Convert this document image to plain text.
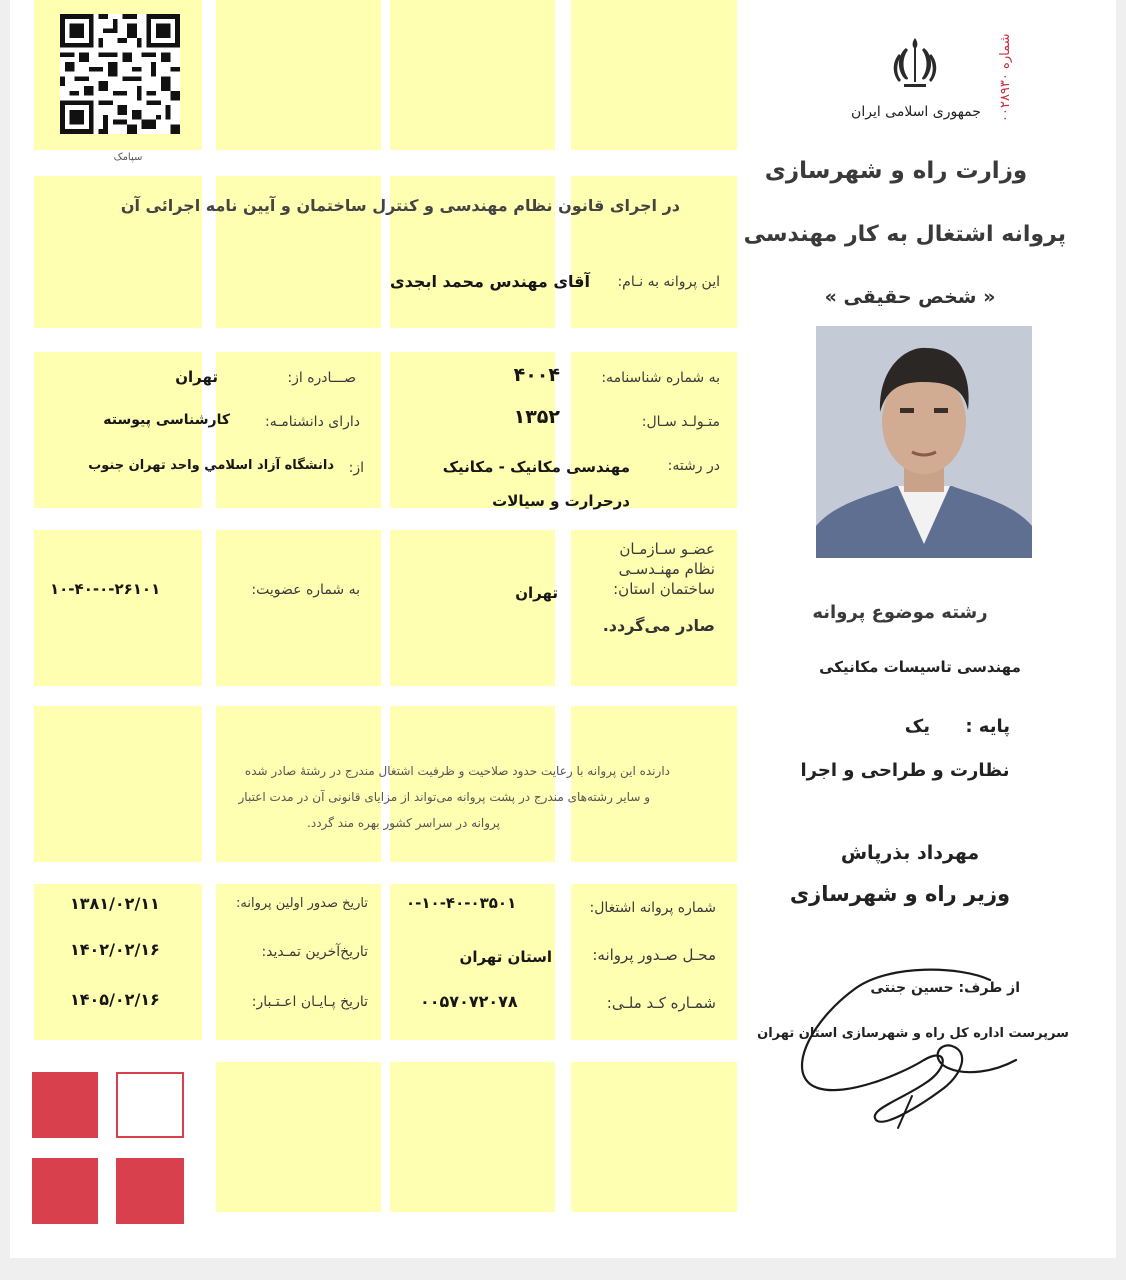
سپامک
جمهوری اسلامی ایران	شماره ۰۰۲۸۹۳۰
وزارت راه و شهرسازی
پروانه اشتغال به کار مهندسی
« شخص حقیقی »
در اجرای قانون نظام مهندسی و کنترل ساختمان و آیین نامه اجرائی آن
این پروانه به نـام:
آقای مهندس محمد ابجدی
به شماره شناسنامه:
۴۰۰۴
صـــادره از:
تهران
متـولـد سـال:
۱۳۵۲
دارای دانشنامـه:
کارشناسی پیوسته
در رشته:
مهندسی مکانیک - مکانیک
درحرارت و سیالات
از:
دانشگاه آزاد اسلامي واحد تهران جنوب
عضـو سـازمـان
نظام مهنـدسـی
ساختمان استان:
تهران
صادر می‌گردد.
به شماره عضویت:
۱۰-۴۰-۰-۲۶۱۰۱
دارنده این پروانه با رعایت حدود صلاحیت و ظرفیت اشتغال مندرج در رشتهٔ صادر شده
و سایر رشته‌های مندرج در پشت پروانه می‌تواند از مزایای قانونی آن در مدت اعتبار
پروانه در سراسر کشور بهره مند گردد.
شماره پروانه اشتغال:
۰-۱۰-۴۰-۰۳۵۰۱
تاریخ صدور اولین پروانه:
۱۳۸۱/۰۲/۱۱
محـل صـدور پروانه:
استان تهران
تاریخ‌آخرین تمـدید:
۱۴۰۲/۰۲/۱۶
شمـاره کـد ملـی:
۰۰۵۷۰۷۲۰۷۸
تاریخ پـایـان اعـتـبار:
۱۴۰۵/۰۲/۱۶
رشته موضوع پروانه
مهندسی تاسیسات مکانیکی
پایه :
یک
نظارت و طراحی و اجرا
مهرداد بذرپاش
وزیر راه و شهرسازی
از طرف: حسین جنتی
سرپرست اداره کل راه و شهرسازی استان تهران
